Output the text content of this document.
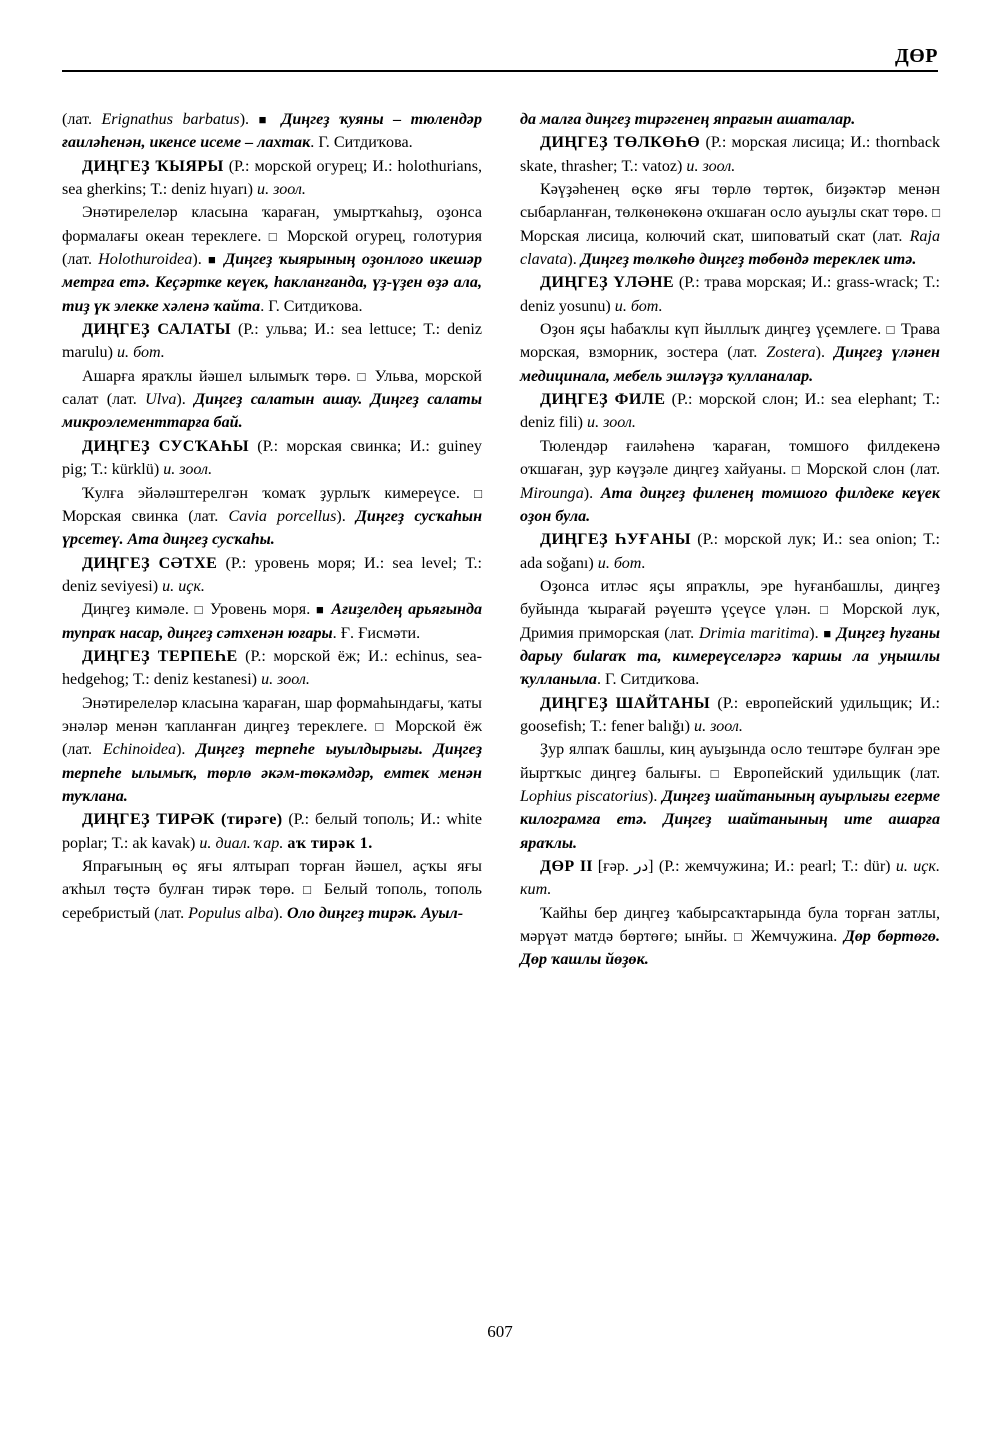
ДӨР

(лат. Erignathus barbatus). ■ Диңгеҙ ҡуяны – тюлендәр ғаиләһенән, икенсе исеме – лахтак. Г. Ситдиҡова.

ДИҢГЕҘ ҠЫЯРЫ (Р.: морской огурец; И.: holothurians, sea gherkins; Т.: deniz hıyarı) и. зоол.

Энәтирелеләр класына ҡараған, умыртҡаһыҙ, оҙонса формалағы океан тереклеге. □ Морской огурец, голотурия (лат. Holothuroidea). ■ Диңгеҙ ҡыярының оҙонлоғо икешәр метрға етә. Кеҫәртке кеүек, һакланғанда, үҙ-үҙен өҙә ала, тиҙ үк элекке хәленә ҡайта. Г. Ситдиҡова.

ДИҢГЕҘ САЛАТЫ (Р.: ульва; И.: sea lettuce; Т.: deniz marulu) и. бот.

Ашарға яраҡлы йәшел ылымыҡ төрө. □ Ульва, морской салат (лат. Ulva). Диңгеҙ салатын ашау. Диңгеҙ салаты микроэлементтарға бай.

ДИҢГЕҘ СУСҠАҺЫ (Р.: морская свинка; И.: guiney pig; Т.: kürklü) и. зоол.

Ҡулға эйәләштерелгән ҡомаҡ ҙурлыҡ кимереүсе. □ Морская свинка (лат. Cavia porcellus). Диңгеҙ сусҡаһын үрсетеү. Ата диңгеҙ сусҡаһы.

ДИҢГЕҘ СӘТХЕ (Р.: уровень моря; И.: sea level; Т.: deniz seviyesi) и. иҫк.

Диңгеҙ кимәле. □ Уровень моря. ■ Ағиҙелдең арьяғында тупраҡ насар, диңгеҙ сәтхенән юғары. Ғ. Ғисмәти.

ДИҢГЕҘ ТЕРПЕҺЕ (Р.: морской ёж; И.: echinus, sea-hedgehog; Т.: deniz kestanesi) и. зоол.

Энәтирелеләр класына ҡараған, шар формаһындағы, ҡаты энәләр менән ҡапланған диңгеҙ тереклеге. □ Морской ёж (лат. Echinoidea). Диңгеҙ терпеһе ыуылдырығы. Диңгеҙ терпеһе ылымыҡ, төрлө әкәм-төкәмдәр, емтек менән туҡлана.

ДИҢГЕҘ ТИРӘК (тирәге) (Р.: белый тополь; И.: white poplar; Т.: ak kavak) и. диал. ҡар. аҡ тирәк 1.

Япрағының өҫ яғы ялтырап торған йәшел, аҫҡы яғы аҡһыл төҫтә булған тирәк төрө. □ Белый тополь, тополь серебристый (лат. Populus alba). Оло диңгеҙ тирәк. Ауыл-

да малға диңгеҙ тирәгенең япрағын ашаталар.

ДИҢГЕҘ ТӨЛКӨҺӨ (Р.: морская лисица; И.: thornback skate, thrasher; Т.: vatoz) и. зоол.

Кәүҙәһенең өҫкө яғы төрлө төртөк, биҙәктәр менән сыбарланған, төлкөнөкөнә оҡшаған осло ауыҙлы скат төрө. □ Морская лисица, колючий скат, шиповатый скат (лат. Raja clavata). Диңгеҙ төлкөһө диңгеҙ төбөндә тереклек итә.

ДИҢГЕҘ ҮЛӘНЕ (Р.: трава морская; И.: grass-wrack; Т.: deniz yosunu) и. бот.

Оҙон яҫы һабаҡлы күп йыллыҡ диңгеҙ үҫемлеге. □ Трава морская, взморник, зостера (лат. Zostera). Диңгеҙ үләнен медицинала, мебель эшләүҙә ҡулланалар.

ДИҢГЕҘ ФИЛЕ (Р.: морской слон; И.: sea elephant; Т.: deniz fili) и. зоол.

Тюлендәр ғаиләһенә ҡараған, томшоғо филдекенә оҡшаған, ҙур кәүҙәле диңгеҙ хайуаны. □ Морской слон (лат. Mirounga). Ата диңгеҙ филенең томшоғо филдеке кеүек оҙон була.

ДИҢГЕҘ ҺУҒАНЫ (Р.: морской лук; И.: sea onion; Т.: ada soğanı) и. бот.

Оҙонса итләс яҫы япраҡлы, эре һуғанбашлы, диңгеҙ буйында ҡырағай рәүештә үҫеүсе үлән. □ Морской лук, Дримия приморская (лат. Drimia maritima). ■ Диңгеҙ һуғаны дарыу бularaҡ та, кимереүселәргә ҡаршы ла уңышлы ҡулланыла. Г. Ситдиҡова.

ДИҢГЕҘ ШАЙТАНЫ (Р.: европейский удильщик; И.: goosefish; Т.: fener balığı) и. зоол.

Ҙур ялпаҡ башлы, киң ауыҙында осло тештәре булған эре йыртҡыс диңгеҙ балығы. □ Европейский удильщик (лат. Lophius piscatorius). Диңгеҙ шайтанының ауырлығы егерме килограмға етә. Диңгеҙ шайтанының ите ашарға яраҡлы.

ДӨР II [ғәр. در] (Р.: жемчужина; И.: pearl; Т.: dür) и. иҫк. кит.

Ҡайһы бер диңгеҙ ҡабырсаҡтарында була торған затлы, мәрүәт матдә бөртөгө; ынйы. □ Жемчужина. Дөр бөртөгө. Дөр ҡашлы йөҙөк.

607
